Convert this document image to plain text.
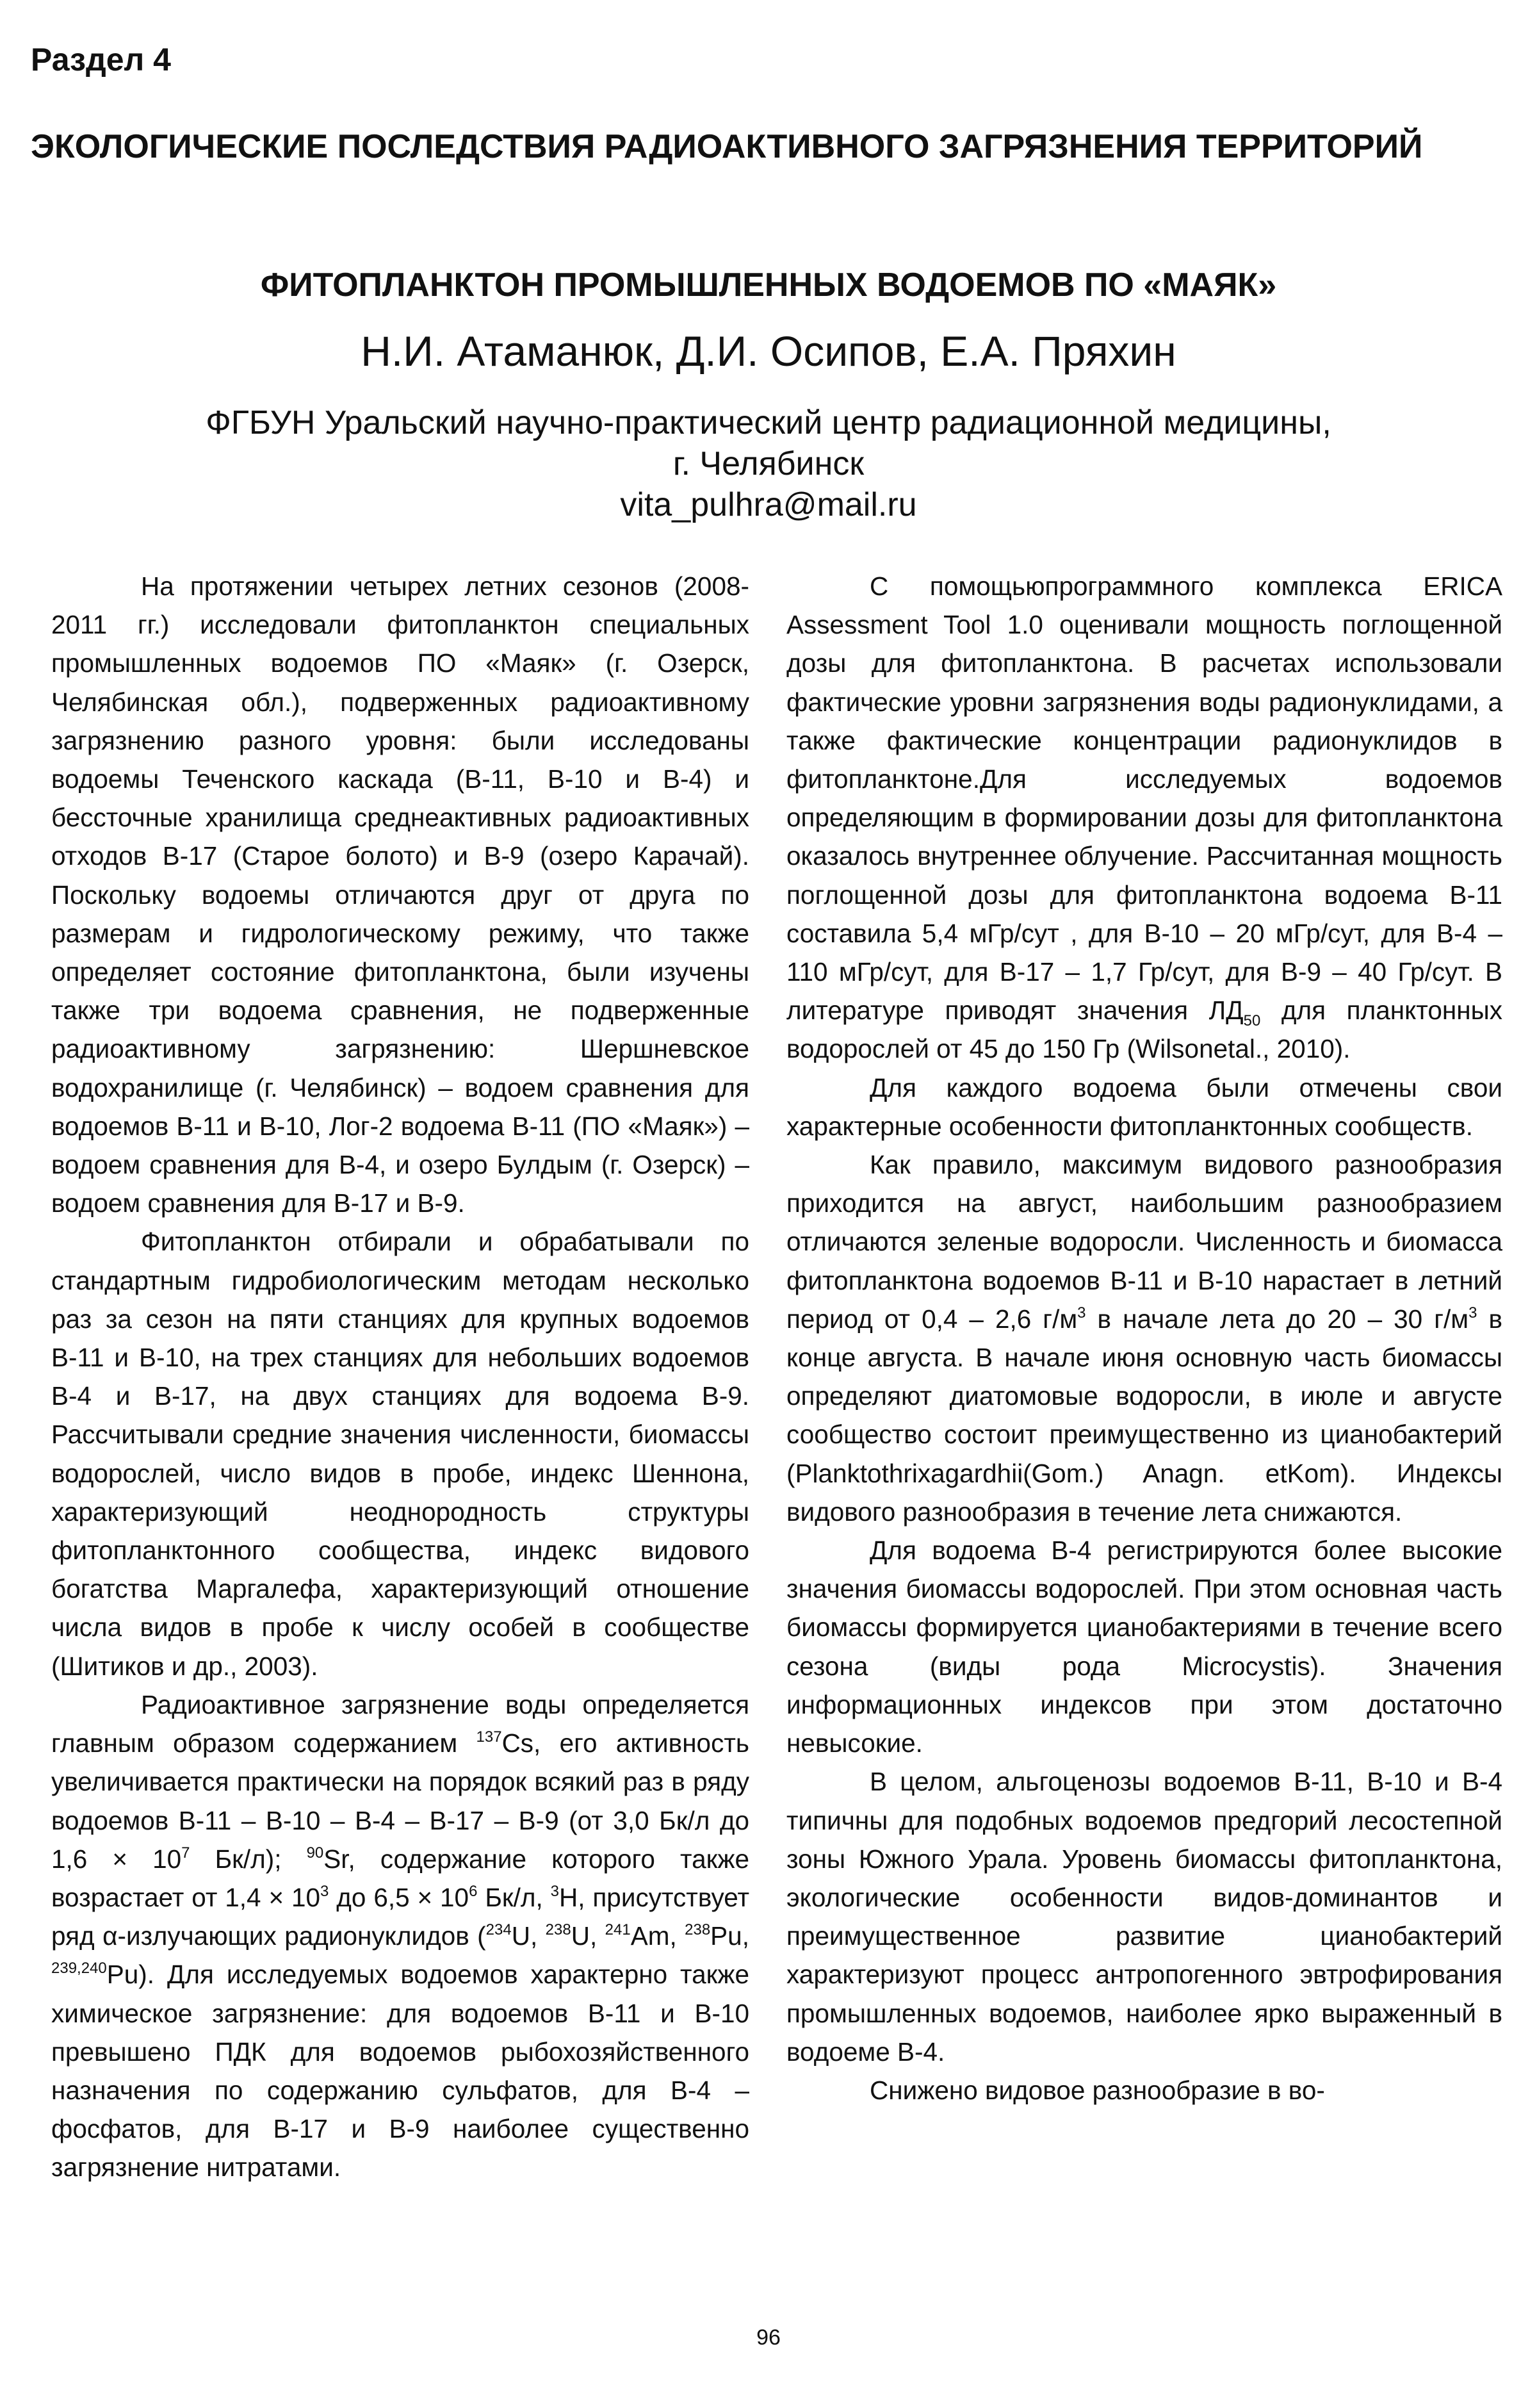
Раздел 4
ЭКОЛОГИЧЕСКИЕ ПОСЛЕДСТВИЯ РАДИОАКТИВНОГО ЗАГРЯЗНЕНИЯ ТЕРРИТОРИЙ
ФИТОПЛАНКТОН ПРОМЫШЛЕННЫХ ВОДОЕМОВ ПО «МАЯК»
Н.И. Атаманюк, Д.И. Осипов, Е.А. Пряхин
ФГБУН Уральский научно-практический центр радиационной медицины,
г. Челябинск
vita_pulhra@mail.ru

На протяжении четырех летних сезонов (2008-2011 гг.) исследовали фитопланктон специальных промышленных водоемов ПО «Маяк» (г. Озерск, Челябинская обл.), подверженных радиоактивному загрязнению разного уровня: были исследованы водоемы Теченского каскада (В-11, В-10 и В-4) и бессточные хранилища среднеактивных радиоактивных отходов В-17 (Старое болото) и В-9 (озеро Карачай). Поскольку водоемы отличаются друг от друга по размерам и гидрологическому режиму, что также определяет состояние фитопланктона, были изучены также три водоема сравнения, не подверженные радиоактивному загрязнению: Шершневское водохранилище (г. Челябинск) – водоем сравнения для водоемов В-11 и В-10, Лог-2 водоема В-11 (ПО «Маяк») – водоем сравнения для В-4, и озеро Булдым (г. Озерск) – водоем сравнения для В-17 и В-9.

Фитопланктон отбирали и обрабатывали по стандартным гидробиологическим методам несколько раз за сезон на пяти станциях для крупных водоемов В-11 и В-10, на трех станциях для небольших водоемов В-4 и В-17, на двух станциях для водоема В-9. Рассчитывали средние значения численности, биомассы водорослей, число видов в пробе, индекс Шеннона, характеризующий неоднородность структуры фитопланктонного сообщества, индекс видового богатства Маргалефа, характеризующий отношение числа видов в пробе к числу особей в сообществе (Шитиков и др., 2003).

Радиоактивное загрязнение воды определяется главным образом содержанием $^{137}$Cs, его активность увеличивается практически на порядок всякий раз в ряду водоемов В-11 – В-10 – В-4 – В-17 – В-9 (от 3,0 Бк/л до $1,6 \times 10^7$ Бк/л); $^{90}$Sr, содержание которого также возрастает от $1,4 \times 10^3$ до $6,5 \times 10^6$ Бк/л, $^3$H, присутствует ряд α-излучающих радионуклидов ($^{234}$U, $^{238}$U, $^{241}$Am, $^{238}$Pu, $^{239,240}$Pu). Для исследуемых водоемов характерно также химическое загрязнение: для водоемов В-11 и В-10 превышено ПДК для водоемов рыбохозяйственного назначения по содержанию сульфатов, для В-4 – фосфатов, для В-17 и В-9 наиболее существенно загрязнение нитратами.

С помощьюпрограммного комплекса ERICA Assessment Tool 1.0 оценивали мощность поглощенной дозы для фитопланктона. В расчетах использовали фактические уровни загрязнения воды радионуклидами, а также фактические концентрации радионуклидов в фитопланктоне.Для исследуемых водоемов определяющим в формировании дозы для фитопланктона оказалось внутреннее облучение. Рассчитанная мощность поглощенной дозы для фитопланктона водоема В-11 составила 5,4 мГр/сут , для В-10 – 20 мГр/сут, для В-4 – 110 мГр/сут, для В-17 – 1,7 Гр/сут, для В-9 – 40 Гр/сут. В литературе приводят значения $ЛД_{50}$ для планктонных водорослей от 45 до 150 Гр (Wilsonetal., 2010).

Для каждого водоема были отмечены свои характерные особенности фитопланктонных сообществ.

Как правило, максимум видового разнообразия приходится на август, наибольшим разнообразием отличаются зеленые водоросли. Численность и биомасса фитопланктона водоемов В-11 и В-10 нарастает в летний период от 0,4 – 2,6 $г/м^3$ в начале лета до 20 – 30 $г/м^3$ в конце августа. В начале июня основную часть биомассы определяют диатомовые водоросли, в июле и августе сообщество состоит преимущественно из цианобактерий (Planktothrixagardhii(Gom.) Anagn. etKom). Индексы видового разнообразия в течение лета снижаются.

Для водоема В-4 регистрируются более высокие значения биомассы водорослей. При этом основная часть биомассы формируется цианобактериями в течение всего сезона (виды рода Microcystis). Значения информационных индексов при этом достаточно невысокие.

В целом, альгоценозы водоемов В-11, В-10 и В-4 типичны для подобных водоемов предгорий лесостепной зоны Южного Урала. Уровень биомассы фитопланктона, экологические особенности видов-доминантов и преимущественное развитие цианобактерий характеризуют процесс антропогенного эвтрофирования промышленных водоемов, наиболее ярко выраженный в водоеме В-4.

Снижено видовое разнообразие в во-

96
